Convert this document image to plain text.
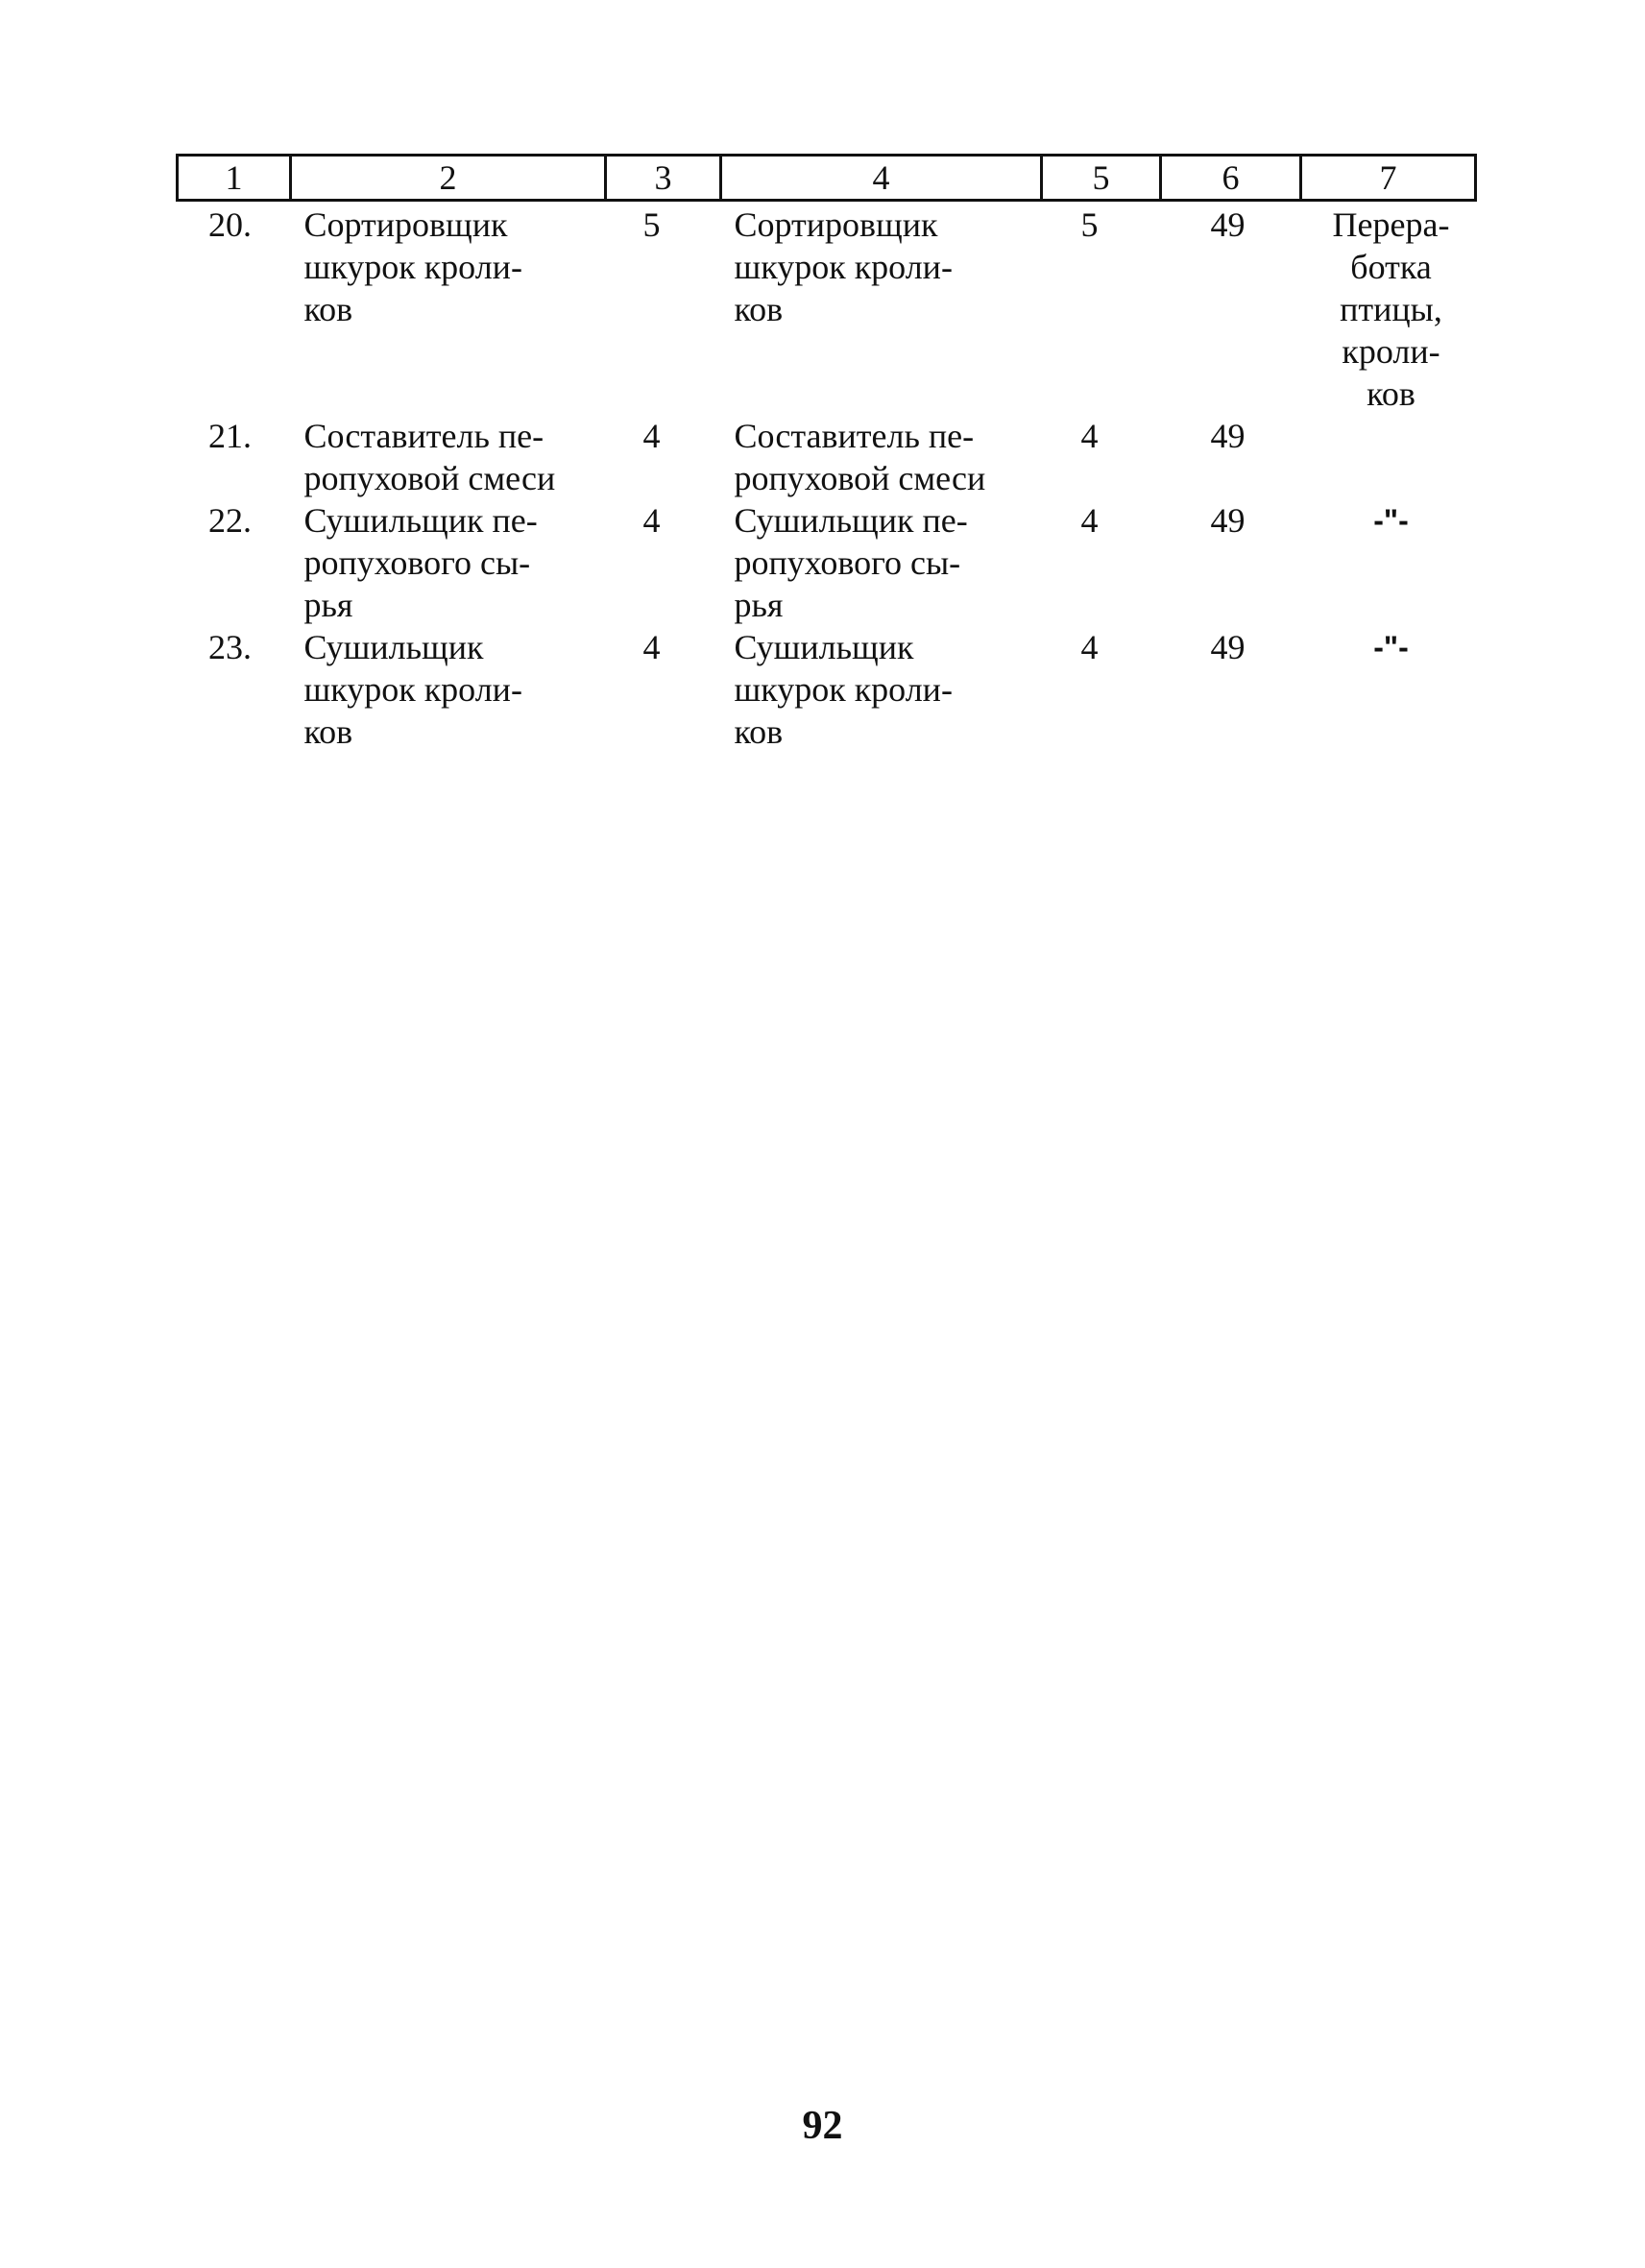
1	2	3	4	5	6	7

20.	Сортировщик
шкурок кроли-
ков	5	Сортировщик
шкурок кроли-
ков	5	49	Перера-
ботка
птицы,
кроли-
ков

21.	Составитель пе-
ропуховой смеси	4	Составитель пе-
ропуховой смеси	4	49	

22.	Сушильщик пе-
ропухового сы-
рья	4	Сушильщик пе-
ропухового сы-
рья	4	49	-"-

23.	Сушильщик
шкурок кроли-
ков	4	Сушильщик
шкурок кроли-
ков	4	49	-"-
92
